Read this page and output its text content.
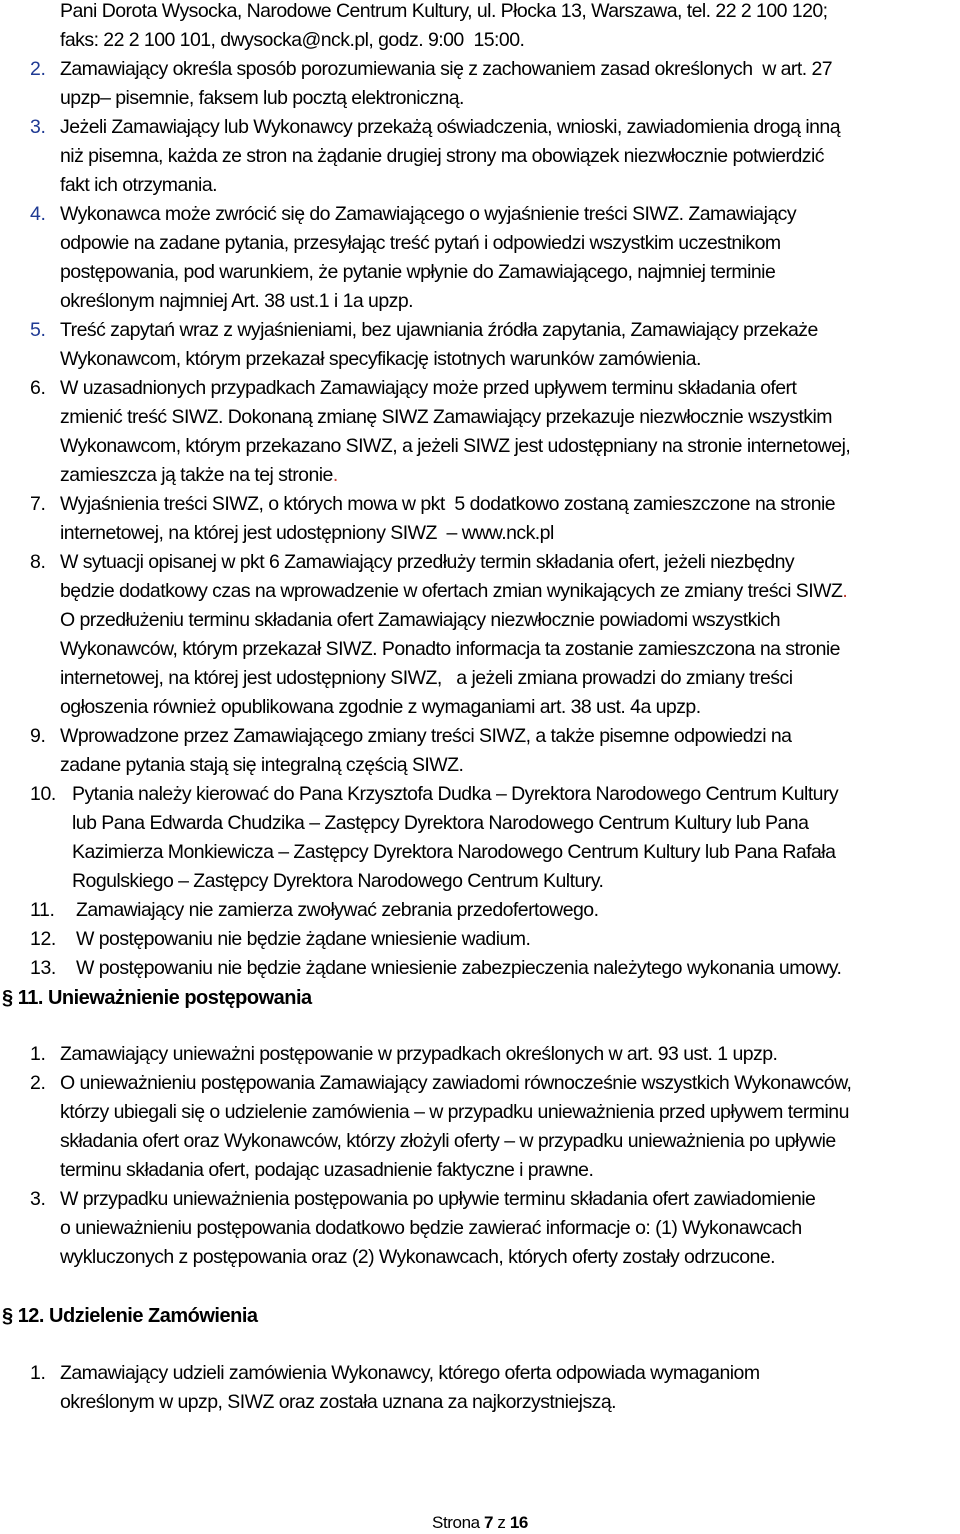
Pani Dorota Wysocka, Narodowe Centrum Kultury, ul. Płocka 13, Warszawa, tel. 22 2 100 120;
faks: 22 2 100 101, dwysocka@nck.pl, godz. 9:00  15:00.
2. Zamawiający określa sposób porozumiewania się z zachowaniem zasad określonych  w art. 27
upzp– pisemnie, faksem lub pocztą elektroniczną.
3. Jeżeli Zamawiający lub Wykonawcy przekażą oświadczenia, wnioski, zawiadomienia drogą inną
niż pisemna, każda ze stron na żądanie drugiej strony ma obowiązek niezwłocznie potwierdzić
fakt ich otrzymania.
4. Wykonawca może zwrócić się do Zamawiającego o wyjaśnienie treści SIWZ. Zamawiający
odpowie na zadane pytania, przesyłając treść pytań i odpowiedzi wszystkim uczestnikom
postępowania, pod warunkiem, że pytanie wpłynie do Zamawiającego, najmniej terminie
określonym najmniej Art. 38 ust.1 i 1a upzp.
5. Treść zapytań wraz z wyjaśnieniami, bez ujawniania źródła zapytania, Zamawiający przekaże
Wykonawcom, którym przekazał specyfikację istotnych warunków zamówienia.
6. W uzasadnionych przypadkach Zamawiający może przed upływem terminu składania ofert
zmienić treść SIWZ. Dokonaną zmianę SIWZ Zamawiający przekazuje niezwłocznie wszystkim
Wykonawcom, którym przekazano SIWZ, a jeżeli SIWZ jest udostępniany na stronie internetowej,
zamieszcza ją także na tej stronie.
7. Wyjaśnienia treści SIWZ, o których mowa w pkt  5 dodatkowo zostaną zamieszczone na stronie
internetowej, na której jest udostępniony SIWZ  – www.nck.pl
8. W sytuacji opisanej w pkt 6 Zamawiający przedłuży termin składania ofert, jeżeli niezbędny
będzie dodatkowy czas na wprowadzenie w ofertach zmian wynikających ze zmiany treści SIWZ.
O przedłużeniu terminu składania ofert Zamawiający niezwłocznie powiadomi wszystkich
Wykonawców, którym przekazał SIWZ. Ponadto informacja ta zostanie zamieszczona na stronie
internetowej, na której jest udostępniony SIWZ,   a jeżeli zmiana prowadzi do zmiany treści
ogłoszenia również opublikowana zgodnie z wymaganiami art. 38 ust. 4a upzp.
9. Wprowadzone przez Zamawiającego zmiany treści SIWZ, a także pisemne odpowiedzi na
zadane pytania stają się integralną częścią SIWZ.
10. Pytania należy kierować do Pana Krzysztofa Dudka – Dyrektora Narodowego Centrum Kultury
lub Pana Edwarda Chudzika – Zastępcy Dyrektora Narodowego Centrum Kultury lub Pana
Kazimierza Monkiewicza – Zastępcy Dyrektora Narodowego Centrum Kultury lub Pana Rafała
Rogulskiego – Zastępcy Dyrektora Narodowego Centrum Kultury.
11. Zamawiający nie zamierza zwoływać zebrania przedofertowego.
12. W postępowaniu nie będzie żądane wniesienie wadium.
13. W postępowaniu nie będzie żądane wniesienie zabezpieczenia należytego wykonania umowy.
§ 11. Unieważnienie postępowania
1. Zamawiający unieważni postępowanie w przypadkach określonych w art. 93 ust. 1 upzp.
2. O unieważnieniu postępowania Zamawiający zawiadomi równocześnie wszystkich Wykonawców,
którzy ubiegali się o udzielenie zamówienia – w przypadku unieważnienia przed upływem terminu
składania ofert oraz Wykonawców, którzy złożyli oferty – w przypadku unieważnienia po upływie
terminu składania ofert, podając uzasadnienie faktyczne i prawne.
3. W przypadku unieważnienia postępowania po upływie terminu składania ofert zawiadomienie
o unieważnieniu postępowania dodatkowo będzie zawierać informacje o: (1) Wykonawcach
wykluczonych z postępowania oraz (2) Wykonawcach, których oferty zostały odrzucone.
§ 12. Udzielenie Zamówienia
1. Zamawiający udzieli zamówienia Wykonawcy, którego oferta odpowiada wymaganiom
określonym w upzp, SIWZ oraz została uznana za najkorzystniejszą.
Strona 7 z 16
